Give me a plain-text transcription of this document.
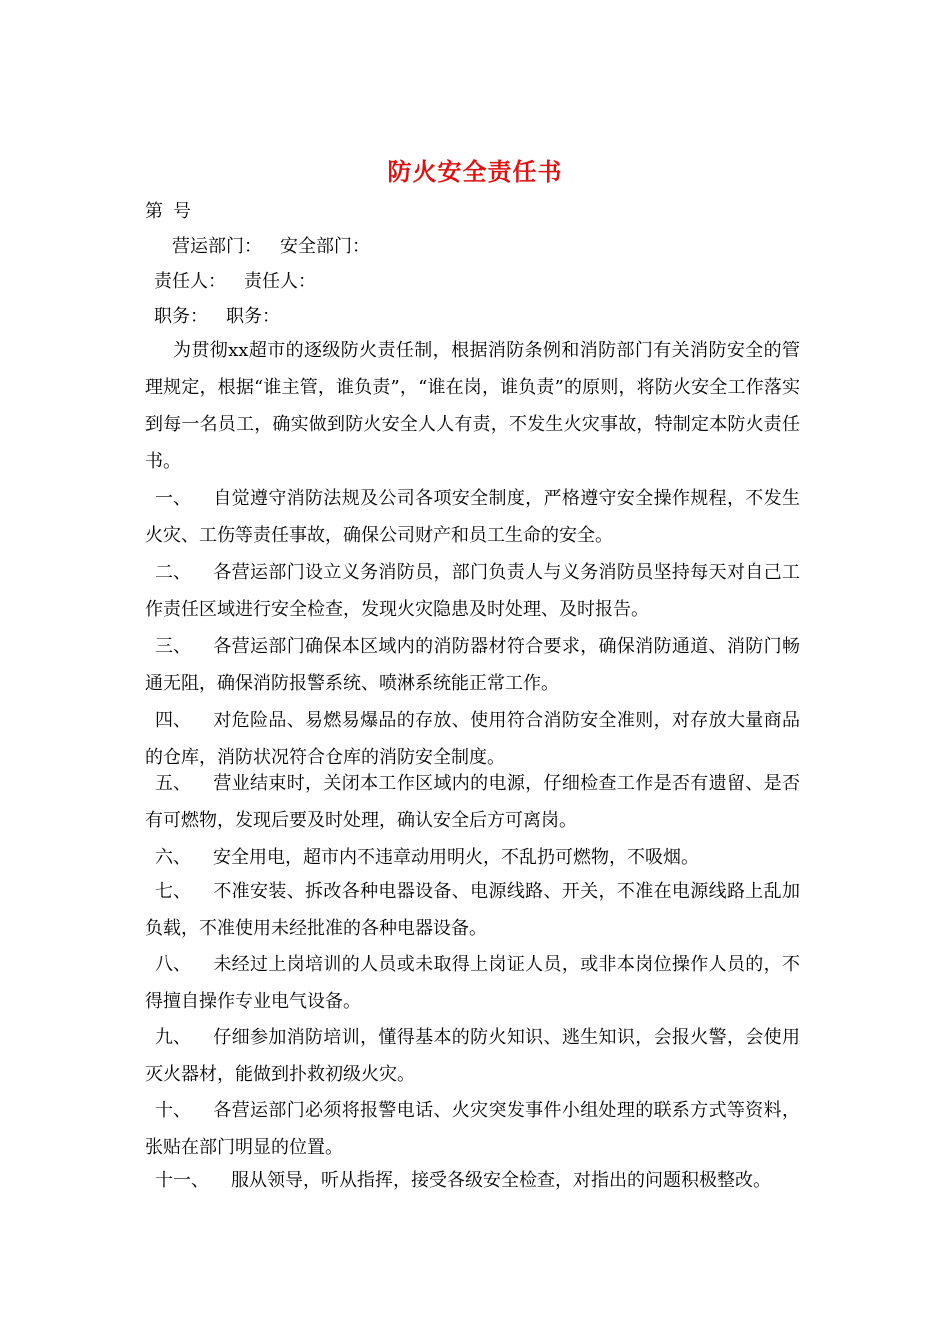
防火安全责任书
第 号
营运部门： 安全部门：
责任人： 责任人：
职务： 职务：
为贯彻xx超市的逐级防火责任制，根据消防条例和消防部门有关消防安全的管理规定，根据“谁主管，谁负责”，“谁在岗，谁负责”的原则，将防火安全工作落实到每一名员工，确实做到防火安全人人有责，不发生火灾事故，特制定本防火责任书。
一、 自觉遵守消防法规及公司各项安全制度，严格遵守安全操作规程，不发生火灾、工伤等责任事故，确保公司财产和员工生命的安全。
二、 各营运部门设立义务消防员，部门负责人与义务消防员坚持每天对自己工作责任区域进行安全检查，发现火灾隐患及时处理、及时报告。
三、 各营运部门确保本区域内的消防器材符合要求，确保消防通道、消防门畅通无阻，确保消防报警系统、喷淋系统能正常工作。
四、 对危险品、易燃易爆品的存放、使用符合消防安全准则，对存放大量商品的仓库，消防状况符合仓库的消防安全制度。
五、 营业结束时，关闭本工作区域内的电源，仔细检查工作是否有遗留、是否有可燃物，发现后要及时处理，确认安全后方可离岗。
六、 安全用电，超市内不违章动用明火，不乱扔可燃物，不吸烟。
七、 不准安装、拆改各种电器设备、电源线路、开关，不准在电源线路上乱加负载，不准使用未经批准的各种电器设备。
八、 未经过上岗培训的人员或未取得上岗证人员，或非本岗位操作人员的，不得擅自操作专业电气设备。
九、 仔细参加消防培训，懂得基本的防火知识、逃生知识，会报火警，会使用灭火器材，能做到扑救初级火灾。
十、 各营运部门必须将报警电话、火灾突发事件小组处理的联系方式等资料，张贴在部门明显的位置。
十一、 服从领导，听从指挥，接受各级安全检查，对指出的问题积极整改。
